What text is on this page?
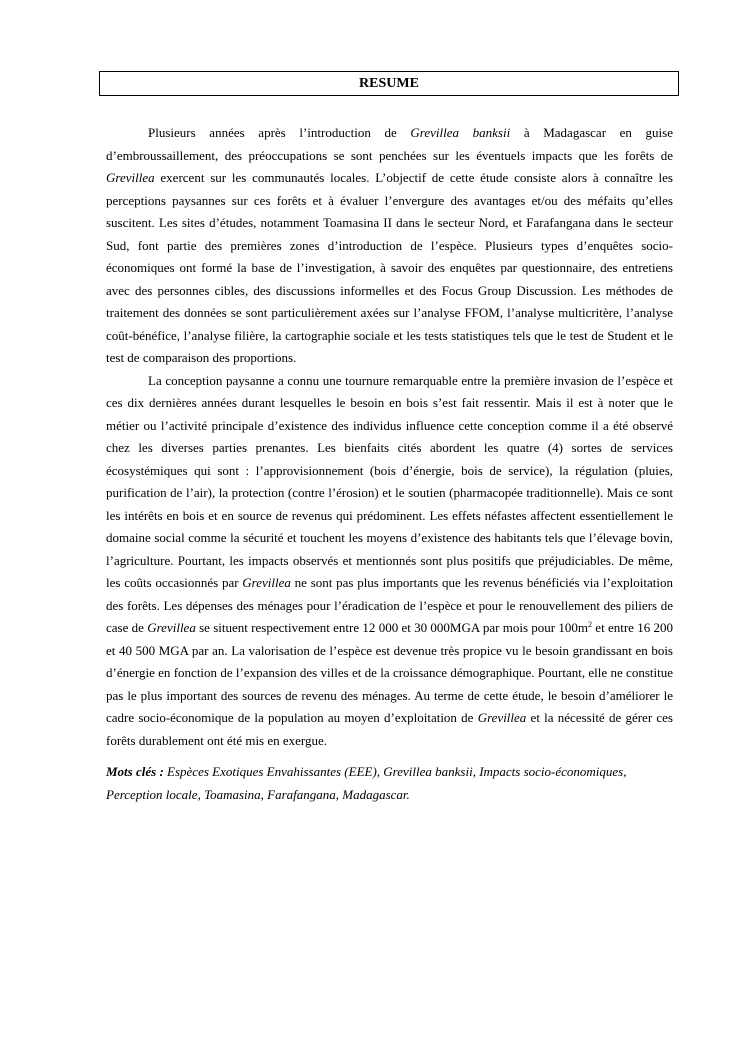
RESUME

Plusieurs années après l’introduction de Grevillea banksii à Madagascar en guise d’embroussaillement, des préoccupations se sont penchées sur les éventuels impacts que les forêts de Grevillea exercent sur les communautés locales. L’objectif de cette étude consiste alors à connaître les perceptions paysannes sur ces forêts et à évaluer l’envergure des avantages et/ou des méfaits qu’elles suscitent. Les sites d’études, notamment Toamasina II dans le secteur Nord, et Farafangana dans le secteur Sud, font partie des premières zones d’introduction de l’espèce. Plusieurs types d’enquêtes socio-économiques ont formé la base de l’investigation, à savoir des enquêtes par questionnaire, des entretiens avec des personnes cibles, des discussions informelles et des Focus Group Discussion. Les méthodes de traitement des données se sont particulièrement axées sur l’analyse FFOM, l’analyse multicritère, l’analyse coût-bénéfice, l’analyse filière, la cartographie sociale et les tests statistiques tels que le test de Student et le test de comparaison des proportions.

La conception paysanne a connu une tournure remarquable entre la première invasion de l’espèce et ces dix dernières années durant lesquelles le besoin en bois s’est fait ressentir. Mais il est à noter que le métier ou l’activité principale d’existence des individus influence cette conception comme il a été observé chez les diverses parties prenantes. Les bienfaits cités abordent les quatre (4) sortes de services écosystémiques qui sont : l’approvisionnement (bois d’énergie, bois de service), la régulation (pluies, purification de l’air), la protection (contre l’érosion) et le soutien (pharmacopée traditionnelle). Mais ce sont les intérêts en bois et en source de revenus qui prédominent. Les effets néfastes affectent essentiellement le domaine social comme la sécurité et touchent les moyens d’existence des habitants tels que l’élevage bovin, l’agriculture. Pourtant, les impacts observés et mentionnés sont plus positifs que préjudiciables. De même, les coûts occasionnés par Grevillea ne sont pas plus importants que les revenus bénéficiés via l’exploitation des forêts. Les dépenses des ménages pour l’éradication de l’espèce et pour le renouvellement des piliers de case de Grevillea se situent respectivement entre 12 000 et 30 000MGA par mois pour $100m^2$ et entre 16 200 et 40 500 MGA par an. La valorisation de l’espèce est devenue très propice vu le besoin grandissant en bois d’énergie en fonction de l’expansion des villes et de la croissance démographique. Pourtant, elle ne constitue pas le plus important des sources de revenu des ménages. Au terme de cette étude, le besoin d’améliorer le cadre socio-économique de la population au moyen d’exploitation de Grevillea et la nécessité de gérer ces forêts durablement ont été mis en exergue.

Mots clés : Espèces Exotiques Envahissantes (EEE), Grevillea banksii, Impacts socio-économiques, Perception locale, Toamasina, Farafangana, Madagascar.
